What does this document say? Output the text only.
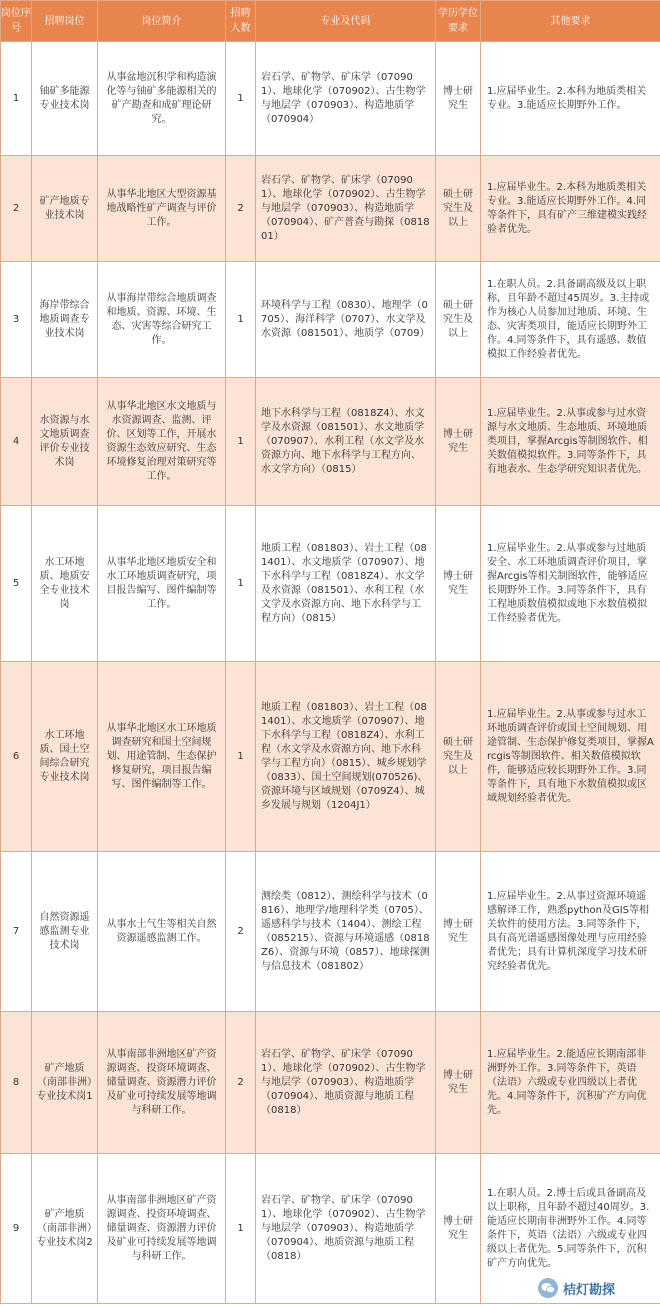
岗位序号	招聘岗位	岗位简介	招聘人数	专业及代码	学历学位要求	其他要求
1	铀矿多能源专业技术岗	从事盆地沉积学和构造演化等与铀矿多能源相关的矿产勘查和成矿理论研究。	1	岩石学、矿物学、矿床学（070901）、地球化学（070902）、古生物学与地层学（070903）、构造地质学（070904）	博士研究生	1.应届毕业生。2.本科为地质类相关专业。3.能适应长期野外工作。
2	矿产地质专业技术岗	从事华北地区大型资源基地战略性矿产调查与评价工作。	2	岩石学、矿物学、矿床学（070901）、地球化学（070902）、古生物学与地层学（070903）、构造地质学（070904）、矿产普查与勘探（081801）	硕士研究生及以上	1.应届毕业生。2.本科为地质类相关专业。3.能适应长期野外工作。4.同等条件下，具有矿产三维建模实践经验者优先。
3	海岸带综合地质调查专业技术岗	从事海岸带综合地质调查和地质、资源、环境、生态、灾害等综合研究工作。	1	环境科学与工程（0830）、地理学（0705）、海洋科学（0707）、水文学及水资源（081501）、地质学（0709）	硕士研究生及以上	1.在职人员。2.具备副高级及以上职称，且年龄不超过45周岁。3.主持或作为核心人员参加过地质、环境、生态、灾害类项目，能适应长期野外工作。4.同等条件下，具有遥感、数值模拟工作经验者优先。
4	水资源与水文地质调查评价专业技术岗	从事华北地区水文地质与水资源调查、监测、评价、区划等工作，开展水资源生态效应研究、生态环境修复治理对策研究等工作。	1	地下水科学与工程（0818Z4）、水文学及水资源（081501）、水文地质学（070907）、水利工程（水文学及水资源方向、地下水科学与工程方向、水文学方向）（0815）	博士研究生	1.应届毕业生。2.从事或参与过水资源与水文地质、生态地质、环境地质类项目，掌握Arcgis等制图软件、相关数值模拟软件。3.同等条件下，具有地表水、生态学研究知识者优先。
5	水工环地质、地质安全专业技术岗	从事华北地区地质安全和水工环地质调查研究，项目报告编写、图件编制等工作。	1	地质工程（081803）、岩土工程（081401）、水文地质学（070907）、地下水科学与工程（0818Z4）、水文学及水资源（081501）、水利工程（水文学及水资源方向、地下水科学与工程方向）（0815）	博士研究生	1.应届毕业生。2.从事或参与过地质安全、水工环地质调查评价项目，掌握Arcgis等相关制图软件，能够适应长期野外工作。3.同等条件下，具有工程地质数值模拟或地下水数值模拟工作经验者优先。
6	水工环地质、国土空间综合研究专业技术岗	从事华北地区水工环地质调查研究和国土空间规划、用途管制、生态保护修复研究，项目报告编写、图件编制等工作。	1	地质工程（081803）、岩土工程（081401）、水文地质学（070907）、地下水科学与工程（0818Z4）、水利工程（水文学及水资源方向、地下水科学与工程方向）（0815）、城乡规划学（0833）、国土空间规划(070526)、资源环境与区域规划（0709Z4）、城乡发展与规划（1204J1）	硕士研究生及以上	1.应届毕业生。2.从事或参与过水工环地质调查评价或国土空间规划、用途管制、生态保护修复类项目，掌握Arcgis等制图软件、相关数值模拟软件，能够适应较长期野外工作。3.同等条件下，具有地下水数值模拟或区域规划经验者优先。
7	自然资源遥感监测专业技术岗	从事水土气生等相关自然资源遥感监测工作。	2	测绘类（0812）、测绘科学与技术（0816）、地理学/地理科学类（0705）、遥感科学与技术（1404）、测绘工程（085215）、资源与环境遥感（0818Z6）、资源与环境（0857）、地球探测与信息技术（081802）	博士研究生	1.应届毕业生。2.从事过资源环境遥感解译工作，熟悉python及GIS等相关软件的使用方法。3.同等条件下，具有高光谱遥感图像处理与应用经验者优先；具有计算机深度学习技术研究经验者优先。
8	矿产地质（南部非洲）专业技术岗1	从事南部非洲地区矿产资源调查、投资环境调查、储量调查、资源潜力评价及矿业可持续发展等地调与科研工作。	2	岩石学、矿物学、矿床学（070901）、地球化学（070902）、古生物学与地层学（070903）、构造地质学（070904）、地质资源与地质工程（0818）	博士研究生	1.应届毕业生。2.能适应长期南部非洲野外工作。3.同等条件下，英语（法语）六级或专业四级以上者优先。4.同等条件下，沉积矿产方向优先。
9	矿产地质（南部非洲）专业技术岗2	从事南部非洲地区矿产资源调查、投资环境调查、储量调查、资源潜力评价及矿业可持续发展等地调与科研工作。	1	岩石学、矿物学、矿床学（070901）、地球化学（070902）、古生物学与地层学（070903）、构造地质学（070904）、地质资源与地质工程（0818）	博士研究生	1.在职人员。2.博士后或具备副高及以上职称，且年龄不超过40周岁。3.能适应长期南非洲野外工作。4.同等条件下，英语（法语）六级或专业四级以上者优先。5.同等条件下，沉积矿产方向优先。
桔灯勘探
